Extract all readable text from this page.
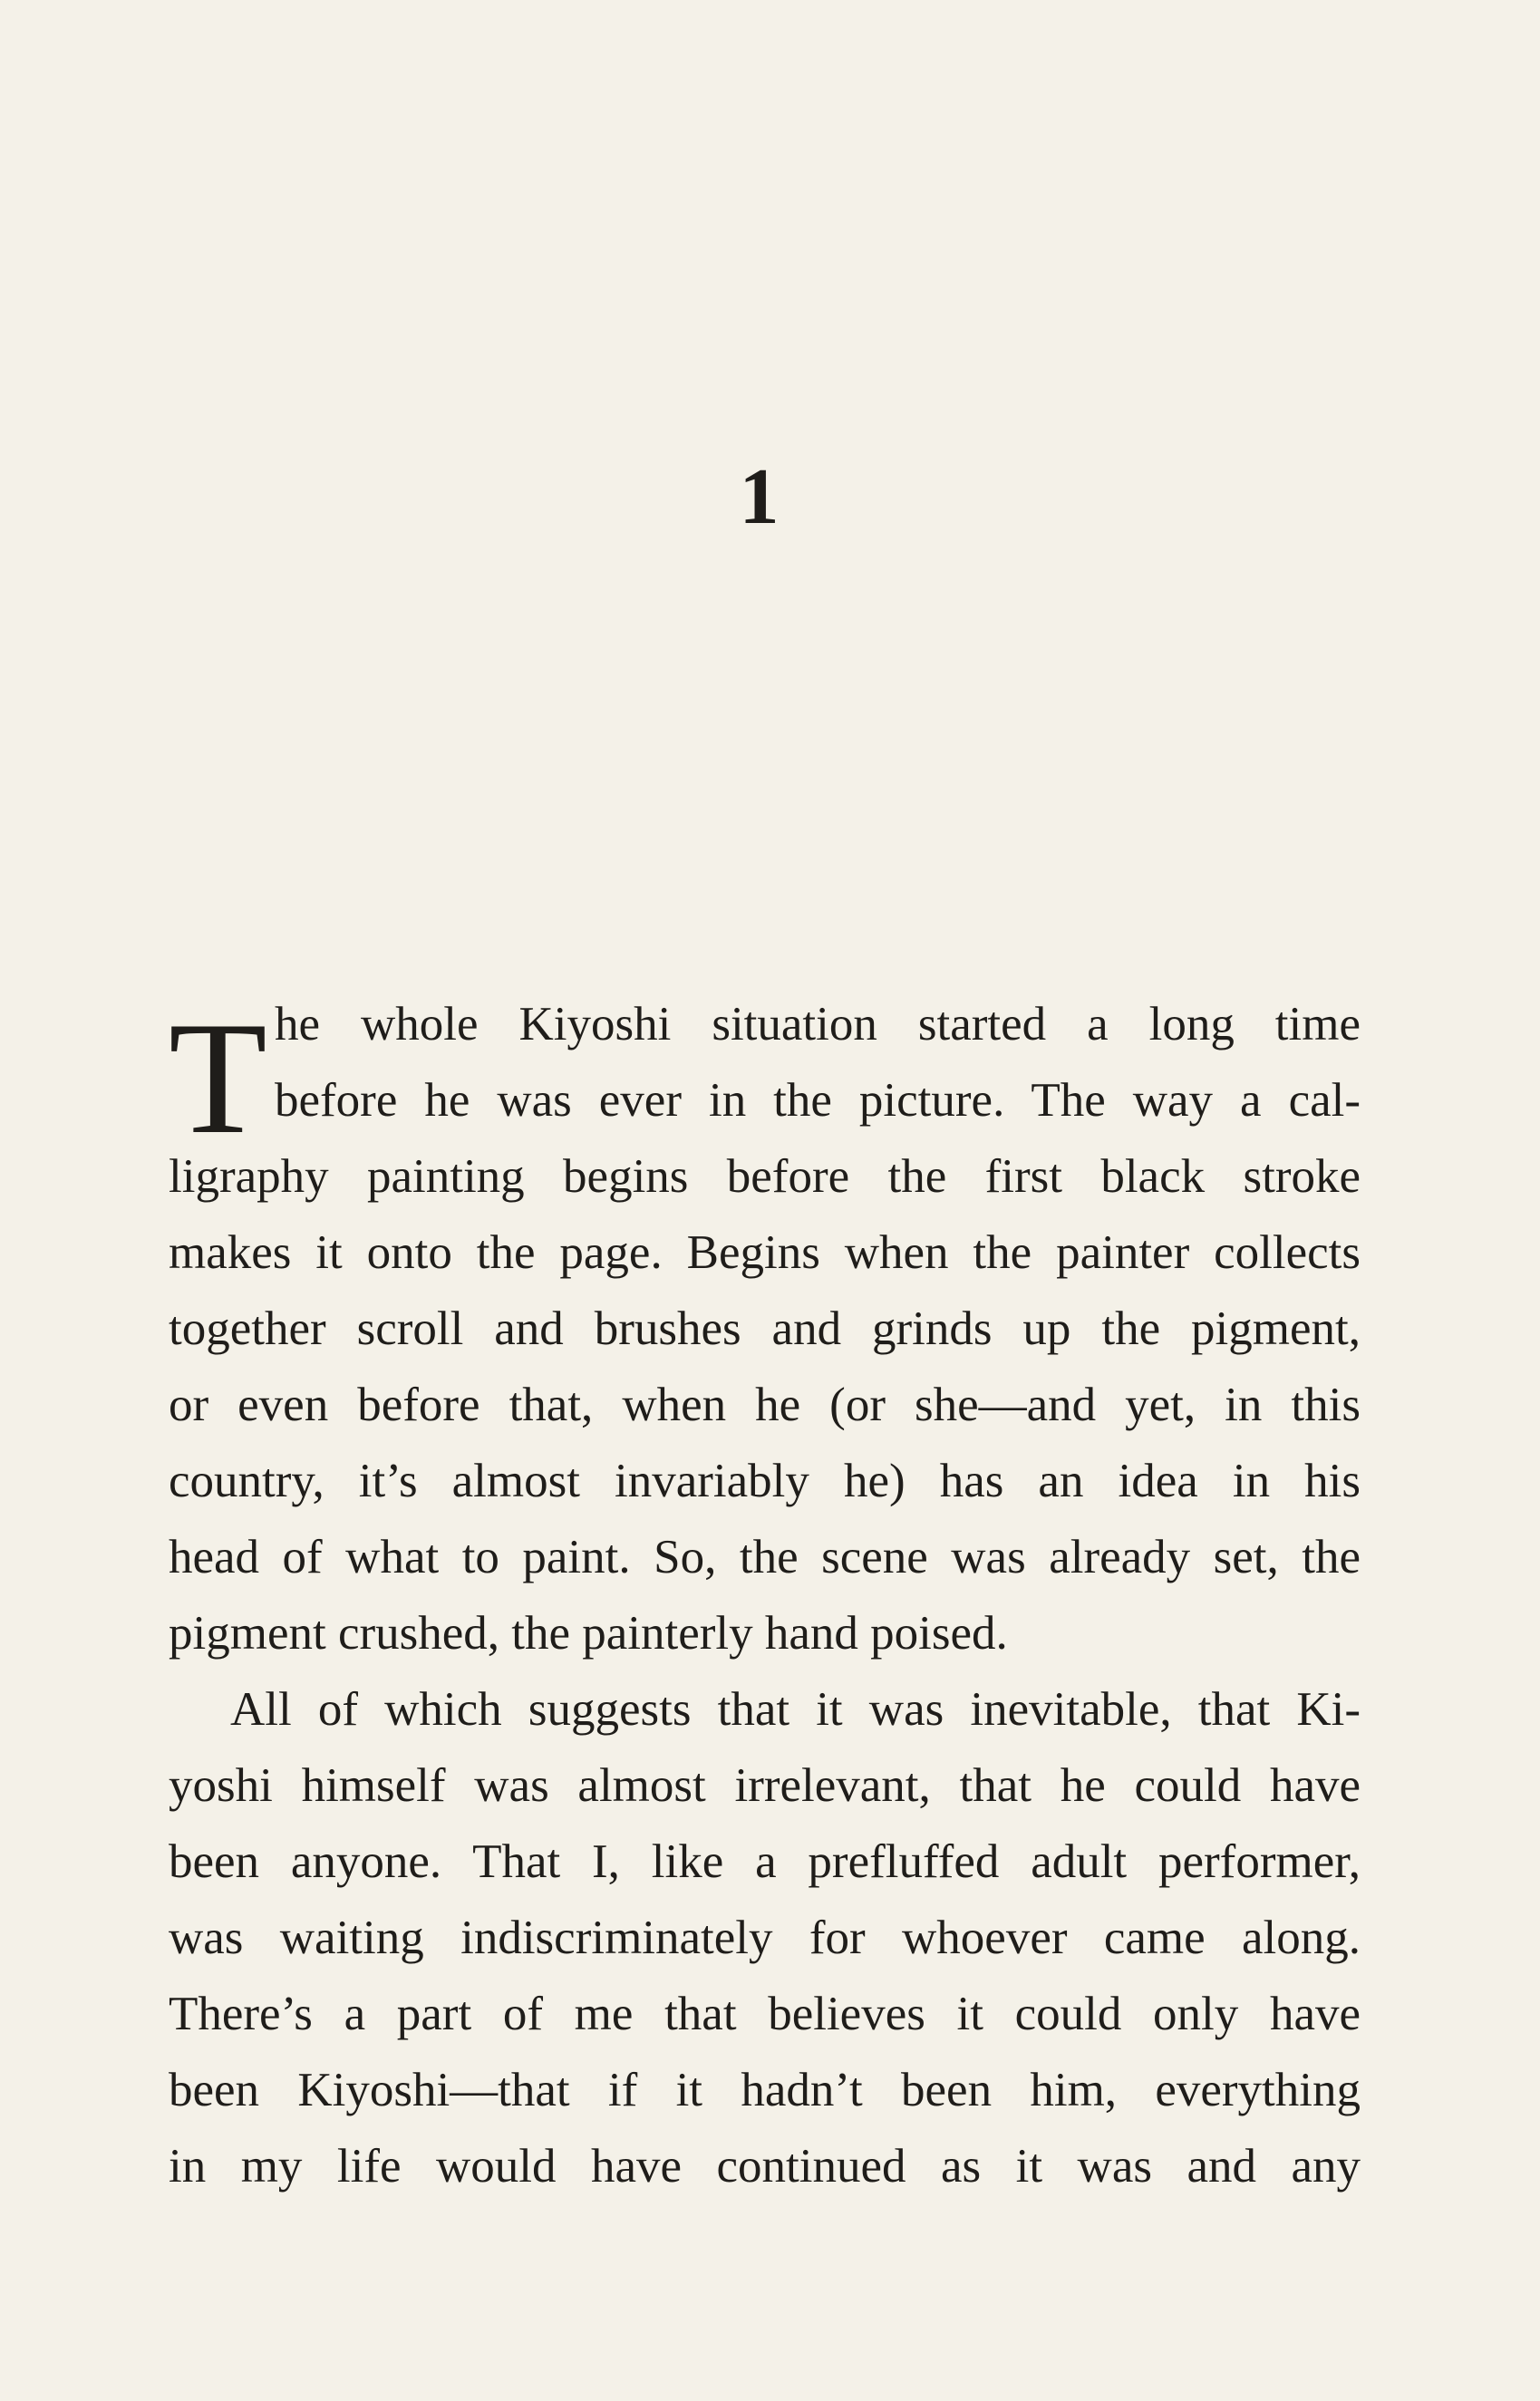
1
T he whole Kiyoshi situation started a long time
before he was ever in the picture. The way a cal-
ligraphy painting begins before the first black stroke
makes it onto the page. Begins when the painter collects
together scroll and brushes and grinds up the pigment,
or even before that, when he (or she—and yet, in this
country, it’s almost invariably he) has an idea in his
head of what to paint. So, the scene was already set, the
pigment crushed, the painterly hand poised.
All of which suggests that it was inevitable, that Ki-
yoshi himself was almost irrelevant, that he could have
been anyone. That I, like a prefluffed adult performer,
was waiting indiscriminately for whoever came along.
There’s a part of me that believes it could only have
been Kiyoshi—that if it hadn’t been him, everything
in my life would have continued as it was and any
